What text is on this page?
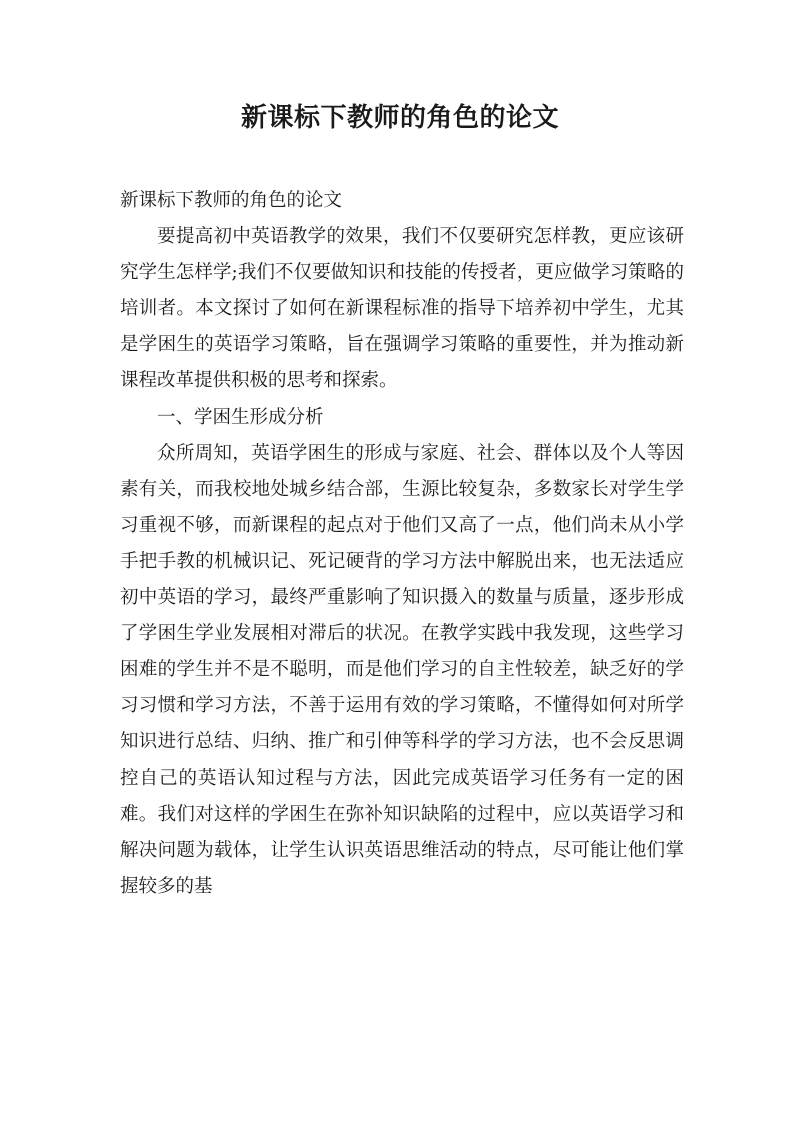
新课标下教师的角色的论文

新课标下教师的角色的论文

要提高初中英语教学的效果，我们不仅要研究怎样教，更应该研究学生怎样学;我们不仅要做知识和技能的传授者，更应做学习策略的培训者。本文探讨了如何在新课程标准的指导下培养初中学生，尤其是学困生的英语学习策略，旨在强调学习策略的重要性，并为推动新课程改革提供积极的思考和探索。

一、学困生形成分析

众所周知，英语学困生的形成与家庭、社会、群体以及个人等因素有关，而我校地处城乡结合部，生源比较复杂，多数家长对学生学习重视不够，而新课程的起点对于他们又高了一点，他们尚未从小学手把手教的机械识记、死记硬背的学习方法中解脱出来，也无法适应初中英语的学习，最终严重影响了知识摄入的数量与质量，逐步形成了学困生学业发展相对滞后的状况。在教学实践中我发现，这些学习困难的学生并不是不聪明，而是他们学习的自主性较差，缺乏好的学习习惯和学习方法，不善于运用有效的学习策略，不懂得如何对所学知识进行总结、归纳、推广和引伸等科学的学习方法，也不会反思调控自己的英语认知过程与方法，因此完成英语学习任务有一定的困难。我们对这样的学困生在弥补知识缺陷的过程中，应以英语学习和解决问题为载体，让学生认识英语思维活动的特点，尽可能让他们掌握较多的基
